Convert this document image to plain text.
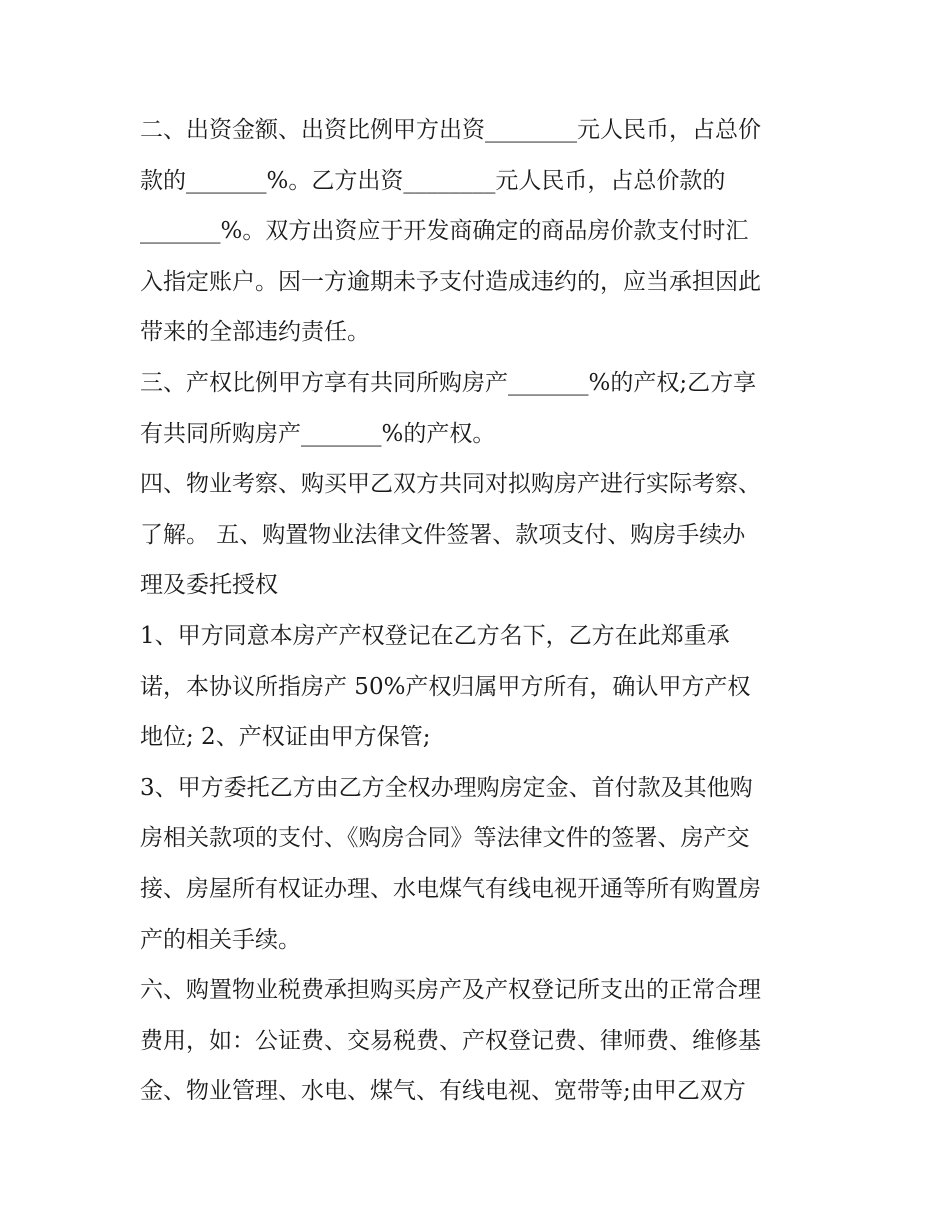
二、出资金额、出资比例甲方出资________元人民币，占总价
款的_______%。乙方出资________元人民币，占总价款的
_______%。双方出资应于开发商确定的商品房价款支付时汇
入指定账户。因一方逾期未予支付造成违约的，应当承担因此
带来的全部违约责任。
三、产权比例甲方享有共同所购房产_______%的产权;乙方享
有共同所购房产_______%的产权。
四、物业考察、购买甲乙双方共同对拟购房产进行实际考察、
了解。 五、购置物业法律文件签署、款项支付、购房手续办
理及委托授权
1、甲方同意本房产产权登记在乙方名下，乙方在此郑重承
诺，本协议所指房产 50%产权归属甲方所有，确认甲方产权
地位; 2、产权证由甲方保管;
3、甲方委托乙方由乙方全权办理购房定金、首付款及其他购
房相关款项的支付、《购房合同》等法律文件的签署、房产交
接、房屋所有权证办理、水电煤气有线电视开通等所有购置房
产的相关手续。
六、购置物业税费承担购买房产及产权登记所支出的正常合理
费用，如：公证费、交易税费、产权登记费、律师费、维修基
金、物业管理、水电、煤气、有线电视、宽带等;由甲乙双方
